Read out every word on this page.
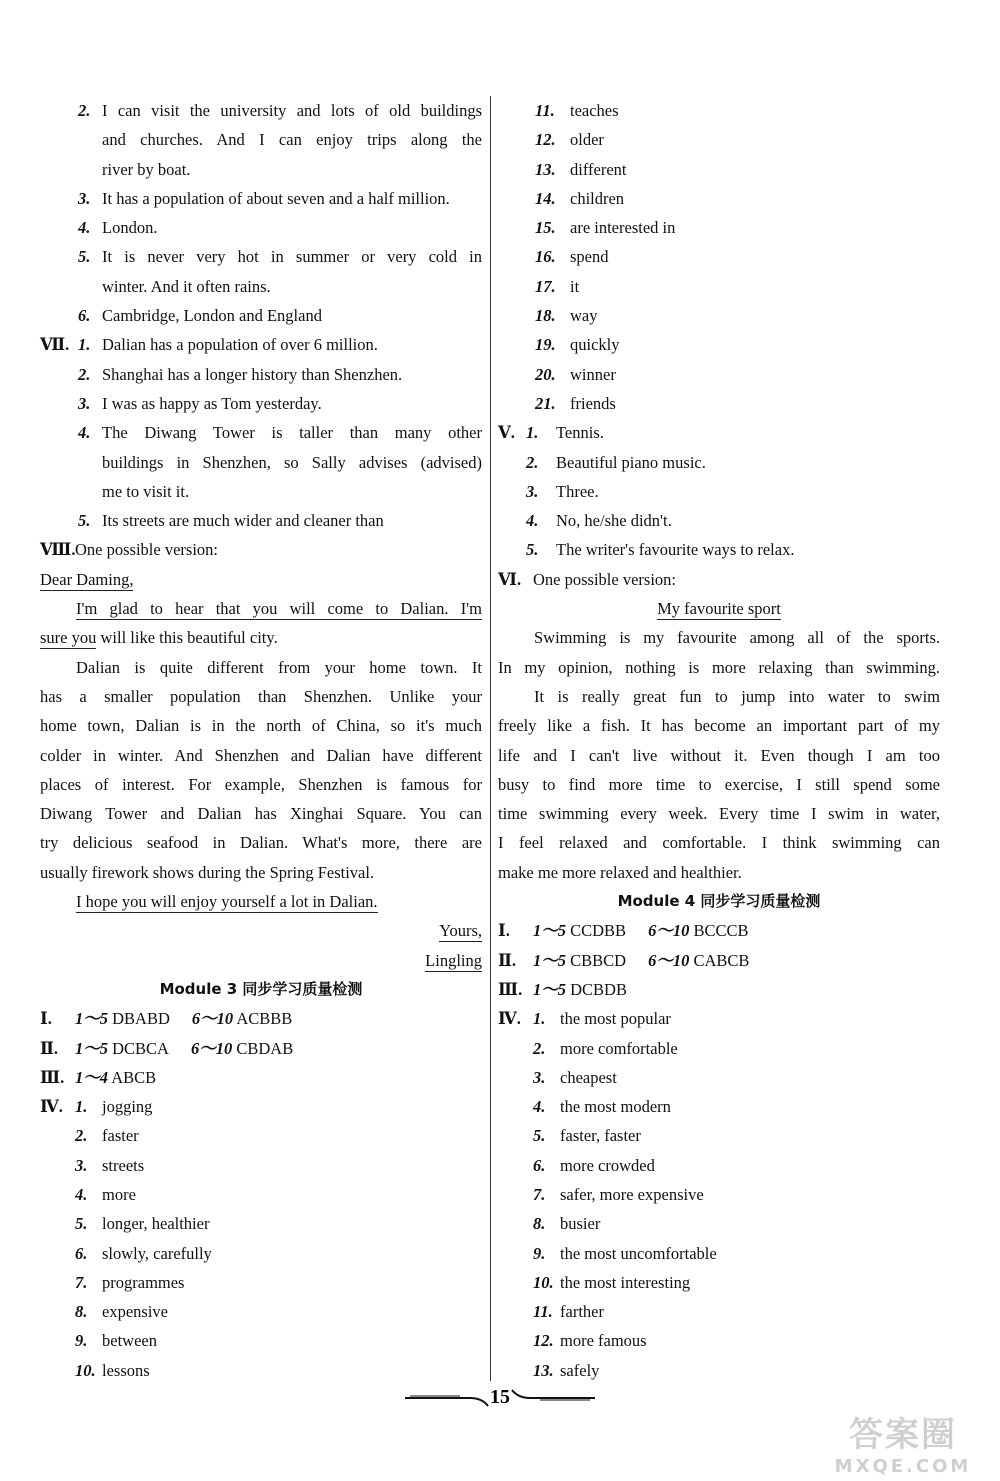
I can visit the university and lots of old buildings
2.
and churches. And I can enjoy trips along the
river by boat.
It has a population of about seven and a half million.
3.
London.
4.
It is never very hot in summer or very cold in
5.
winter. And it often rains.
Cambridge, London and England
6.
Dalian has a population of over 6 million.
1.
Ⅶ.
Shanghai has a longer history than Shenzhen.
2.
I was as happy as Tom yesterday.
3.
The Diwang Tower is taller than many other
4.
buildings in Shenzhen, so Sally advises (advised)
me to visit it.
Its streets are much wider and cleaner than
5.
Ⅷ. One possible version:
Dear Daming,
I'm glad to hear that you will come to Dalian. I'm
sure you will like this beautiful city.
Dalian is quite different from your home town. It
has a smaller population than Shenzhen. Unlike your
home town, Dalian is in the north of China, so it's much
colder in winter. And Shenzhen and Dalian have different
places of interest. For example, Shenzhen is famous for
Diwang Tower and Dalian has Xinghai Square. You can
try delicious seafood in Dalian. What's more, there are
usually firework shows during the Spring Festival.
I hope you will enjoy yourself a lot in Dalian.
Yours,
Lingling
Module 3 同步学习质量检测
Ⅰ. 1～5 DBABD 6～10 ACBBB
Ⅱ. 1～5 DCBCA 6～10 CBDAB
Ⅲ. 1～4 ABCB
jogging
1.
Ⅳ.
faster
2.
streets
3.
more
4.
longer, healthier
5.
slowly, carefully
6.
programmes
7.
expensive
8.
between
9.
lessons
10.
teaches
11.
older
12.
different
13.
children
14.
are interested in
15.
spend
16.
it
17.
way
18.
quickly
19.
winner
20.
friends
21.
Tennis.
1.
Ⅴ.
Beautiful piano music.
2.
Three.
3.
No, he/she didn't.
4.
The writer's favourite ways to relax.
5.
Ⅵ. One possible version:
My favourite sport
Swimming is my favourite among all of the sports.
In my opinion, nothing is more relaxing than swimming.
It is really great fun to jump into water to swim
freely like a fish. It has become an important part of my
life and I can't live without it. Even though I am too
busy to find more time to exercise, I still spend some
time swimming every week. Every time I swim in water,
I feel relaxed and comfortable. I think swimming can
make me more relaxed and healthier.
Module 4 同步学习质量检测
Ⅰ. 1～5 CCDBB 6～10 BCCCB
Ⅱ. 1～5 CBBCD 6～10 CABCB
Ⅲ. 1～5 DCBDB
the most popular
1.
Ⅳ.
more comfortable
2.
cheapest
3.
the most modern
4.
faster, faster
5.
more crowded
6.
safer, more expensive
7.
busier
8.
the most uncomfortable
9.
the most interesting
10.
farther
11.
more famous
12.
safely
13.
15
答案圈
MXQE.COM
